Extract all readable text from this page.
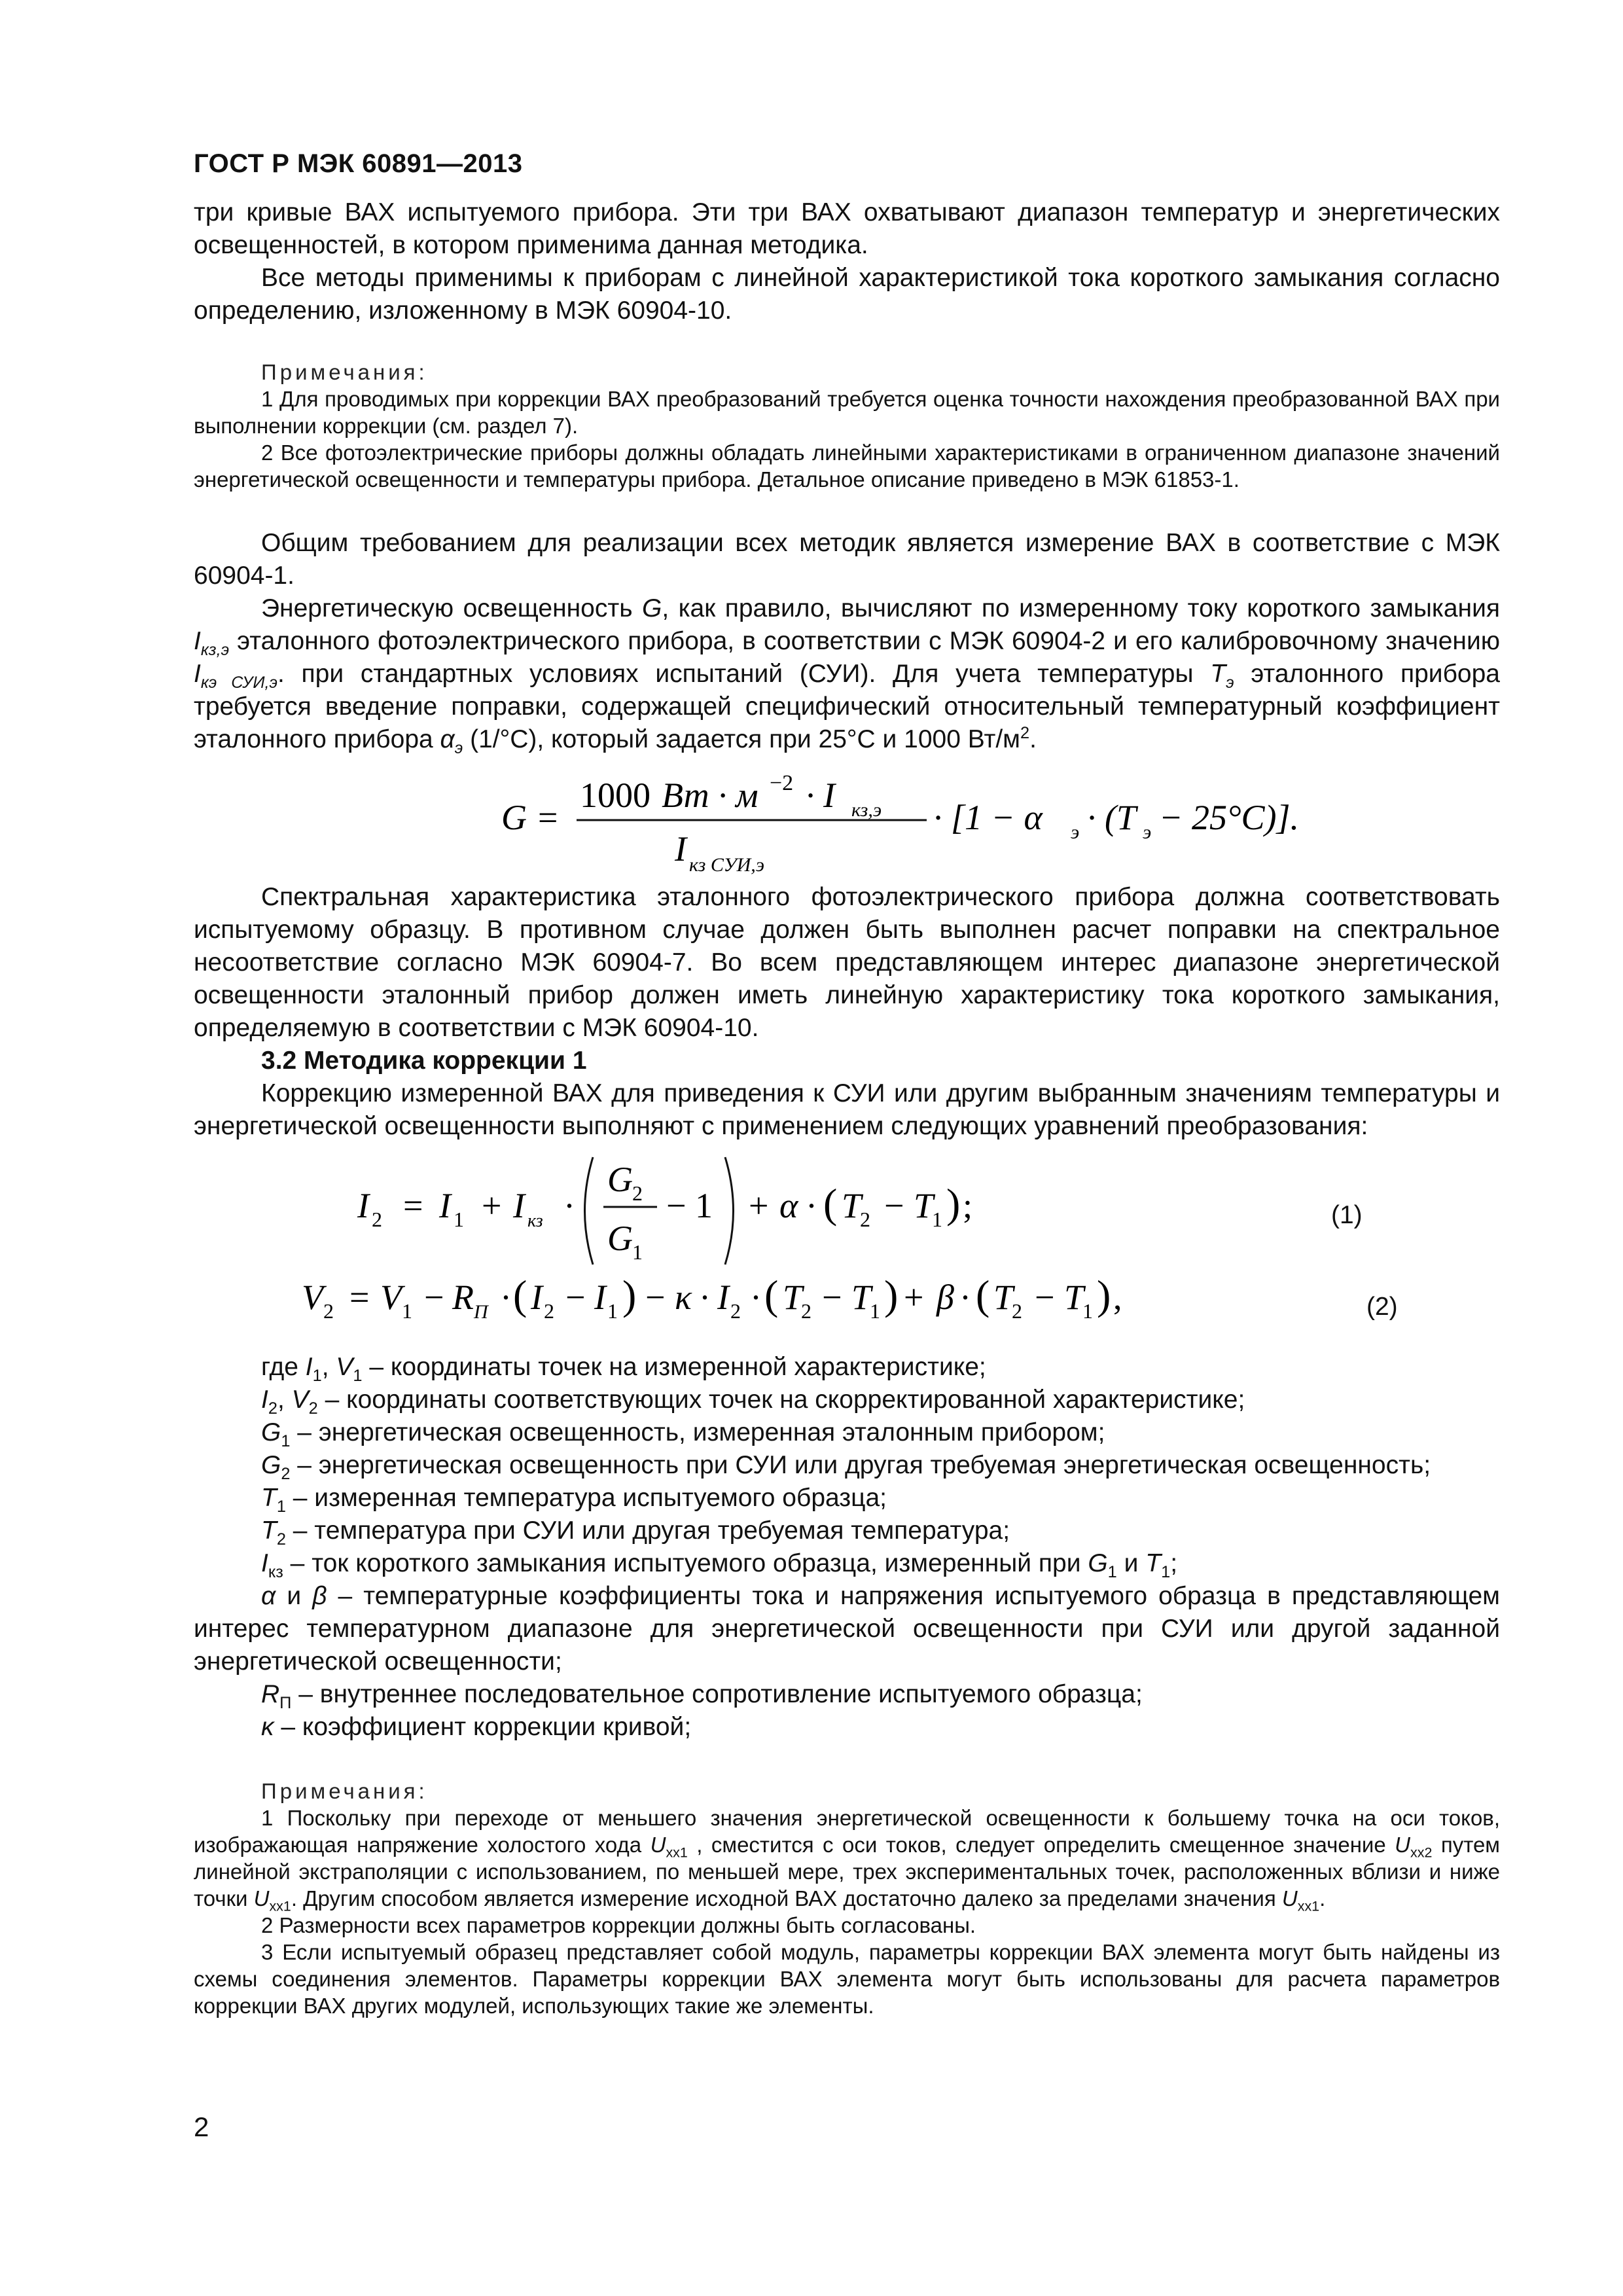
ГОСТ Р МЭК 60891—2013

три кривые ВАХ испытуемого прибора. Эти три ВАХ охватывают диапазон температур и энергетических освещенностей, в котором применима данная методика.

Все методы применимы к приборам с линейной характеристикой тока короткого замыкания согласно определению, изложенному в МЭК 60904-10.

Примечания:

1 Для проводимых при коррекции ВАХ преобразований требуется оценка точности нахождения преобразованной ВАХ при выполнении коррекции (см. раздел 7).

2 Все фотоэлектрические приборы должны обладать линейными характеристиками в ограниченном диапазоне значений энергетической освещенности и температуры прибора. Детальное описание приведено в МЭК 61853-1.

Общим требованием для реализации всех методик является измерение ВАХ в соответствие с МЭК 60904-1.

Энергетическую освещенность G, как правило, вычисляют по измеренному току короткого замыкания $I_{кз,э}$ эталонного фотоэлектрического прибора, в соответствии с МЭК 60904-2 и его калибровочному значению $I_{кэ СУИ,э}$. при стандартных условиях испытаний (СУИ). Для учета температуры $T_э$ эталонного прибора требуется введение поправки, содержащей специфический относительный температурный коэффициент эталонного прибора $\alpha_э$ (1/°С), который задается при 25°С и 1000 $Вт/м^2$.

G =
1000 Вт · м −2 · I кз,э
I кз СУИ,э
· [1 − α э · (T э − 25°C)].

Спектральная характеристика эталонного фотоэлектрического прибора должна соответствовать испытуемому образцу. В противном случае должен быть выполнен расчет поправки на спектральное несоответствие согласно МЭК 60904-7. Во всем представляющем интерес диапазоне энергетической освещенности эталонный прибор должен иметь линейную характеристику тока короткого замыкания, определяемую в соответствии с МЭК 60904-10.

3.2 Методика коррекции 1

Коррекцию измеренной ВАХ для приведения к СУИ или другим выбранным значениям температуры и энергетической освещенности выполняют с применением следующих уравнений преобразования:

I 2 = I 1 + I кз ·
G 2
G 1
− 1 + α · ( T
2 − T
1 ) ;
V 2 = V 1 − R П · ( I 2 − I 1 ) − κ · I 2 · ( T
2 − T
1 ) + β · ( T
2 − T
1 ) ,
(1)
(2)

где $I_1$, $V_1$ – координаты точек на измеренной характеристике;

$I_2$, $V_2$ – координаты соответствующих точек на скорректированной характеристике;

$G_1$ – энергетическая освещенность, измеренная эталонным прибором;

$G_2$ – энергетическая освещенность при СУИ или другая требуемая энергетическая освещенность;

$T_1$ – измеренная температура испытуемого образца;

$T_2$ – температура при СУИ или другая требуемая температура;

$I_{кз}$ – ток короткого замыкания испытуемого образца, измеренный при $G_1$ и $T_1$;

α и β – температурные коэффициенты тока и напряжения испытуемого образца в представляющем интерес температурном диапазоне для энергетической освещенности при СУИ или другой заданной энергетической освещенности;

$R_П$ – внутреннее последовательное сопротивление испытуемого образца;

κ – коэффициент коррекции кривой;

Примечания:

1 Поскольку при переходе от меньшего значения энергетической освещенности к большему точка на оси токов, изображающая напряжение холостого хода $U_{хх1}$ , сместится с оси токов, следует определить смещенное значение $U_{хх2}$ путем линейной экстраполяции с использованием, по меньшей мере, трех экспериментальных точек, расположенных вблизи и ниже точки $U_{хх1}$. Другим способом является измерение исходной ВАХ достаточно далеко за пределами значения $U_{хх1}$.

2 Размерности всех параметров коррекции должны быть согласованы.

3 Если испытуемый образец представляет собой модуль, параметры коррекции ВАХ элемента могут быть найдены из схемы соединения элементов. Параметры коррекции ВАХ элемента могут быть использованы для расчета параметров коррекции ВАХ других модулей, использующих такие же элементы.

2
